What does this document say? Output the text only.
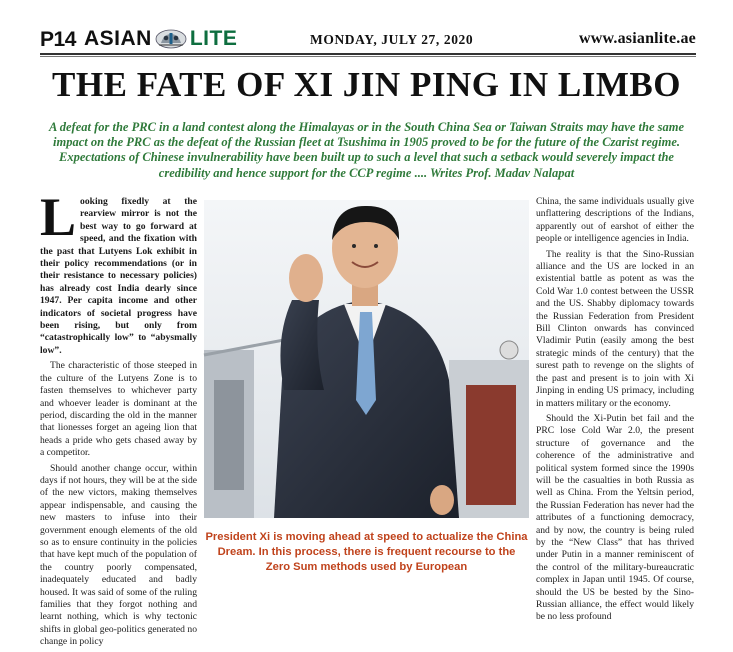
P14 ASIAN LITE	MONDAY, JULY 27, 2020	www.asianlite.ae
THE FATE OF XI JIN PING IN LIMBO

A defeat for the PRC in a land contest along the Himalayas or in the South China Sea or Taiwan Straits may have the same impact on the PRC as the defeat of the Russian fleet at Tsushima in 1905 proved to be for the future of the Czarist regime. Expectations of Chinese invulnerability have been built up to such a level that such a setback would severely impact the credibility and hence support for the CCP regime .... Writes Prof. Madav Nalapat

Looking fixedly at the rearview mirror is not the best way to go forward at speed, and the fixation with the past that Lutyens Lok exhibit in their policy recommendations (or in their resistance to necessary policies) has already cost India dearly since 1947. Per capita income and other indicators of societal progress have been rising, but only from “catastrophically low” to “abysmally low”.

The characteristic of those steeped in the culture of the Lutyens Zone is to fasten themselves to whichever party and whoever leader is dominant at the period, discarding the old in the manner that lionesses forget an ageing lion that heads a pride who gets chased away by a competitor.

Should another change occur, within days if not hours, they will be at the side of the new victors, making themselves appear indispensable, and causing the new masters to infuse into their government enough elements of the old so as to ensure continuity in the policies that have kept much of the population of the country poorly compensated, inadequately educated and badly housed. It was said of some of the ruling families that they forgot nothing and learnt nothing, which is why tectonic shifts in global geo-politics generated no change in policy

President Xi is moving ahead at speed to actualize the China Dream. In this process, there is frequent recourse to the Zero Sum methods used by European

China, the same individuals usually give unflattering descriptions of the Indians, apparently out of earshot of either the people or intelligence agencies in India.

The reality is that the Sino-Russian alliance and the US are locked in an existential battle as potent as was the Cold War 1.0 contest between the USSR and the US. Shabby diplomacy towards the Russian Federation from President Bill Clinton onwards has convinced Vladimir Putin (easily among the best strategic minds of the century) that the surest path to revenge on the slights of the past and present is to join with Xi Jinping in ending US primacy, including in matters military or the economy.

Should the Xi-Putin bet fail and the PRC lose Cold War 2.0, the present structure of governance and the coherence of the administrative and political system formed since the 1990s will be the casualties in both Russia as well as China. From the Yeltsin period, the Russian Federation has never had the attributes of a functioning democracy, and by now, the country is being ruled by the “New Class” that has thrived under Putin in a manner reminiscent of the control of the military-bureaucratic complex in Japan until 1945. Of course, should the US be bested by the Sino-Russian alliance, the effect would likely be no less profound
